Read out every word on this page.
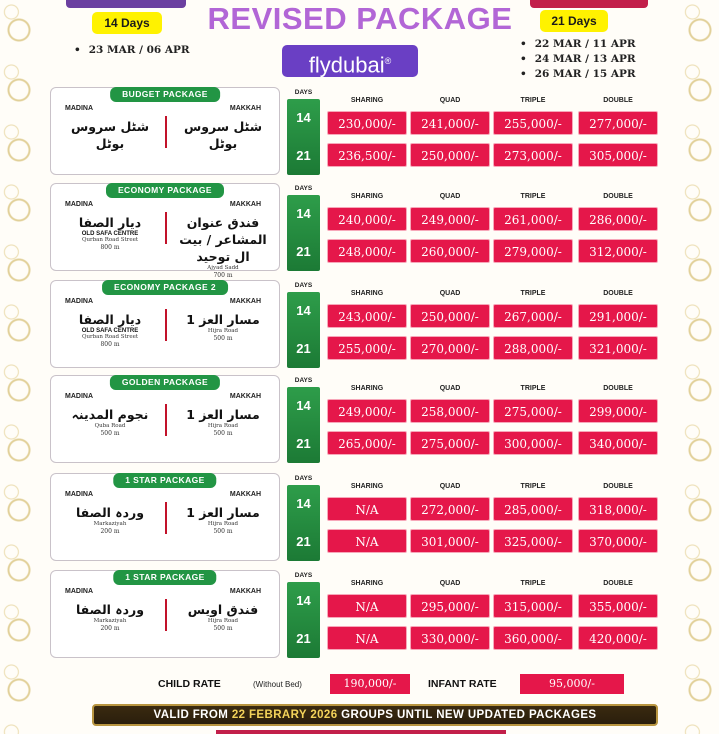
14 Days
• 23 MAR / 06 APR
REVISED PACKAGE
flydubai®
21 Days
• 22 MAR / 11 APR
• 24 MAR / 13 APR
• 26 MAR / 15 APR
BUDGET PACKAGE
MADINA	MAKKAH
شٹل سروس بوٹل
شٹل سروس بوٹل
DAYS
14
21
SHARING	QUAD	TRIPLE	DOUBLE
230,000/-	241,000/-	255,000/-	277,000/-
236,500/-	250,000/-	273,000/-	305,000/-
ECONOMY PACKAGE
MADINA	MAKKAH
دیار الصفا
OLD SAFA CENTRE
Qurban Road Street
800 m
فندق عنوان المشاعر / بیت ال توحید
Ajyad Sadd
700 m
DAYS
14
21
SHARING	QUAD	TRIPLE	DOUBLE
240,000/-	249,000/-	261,000/-	286,000/-
248,000/-	260,000/-	279,000/-	312,000/-
ECONOMY PACKAGE 2
MADINA	MAKKAH
دیار الصفا
OLD SAFA CENTRE
Qurban Road Street
800 m
مسار العز 1
Hijra Road
500 m
DAYS
14
21
SHARING	QUAD	TRIPLE	DOUBLE
243,000/-	250,000/-	267,000/-	291,000/-
255,000/-	270,000/-	288,000/-	321,000/-
GOLDEN PACKAGE
MADINA	MAKKAH
نجوم المدینہ
Quba Road
500 m
مسار العز 1
Hijra Road
500 m
DAYS
14
21
SHARING	QUAD	TRIPLE	DOUBLE
249,000/-	258,000/-	275,000/-	299,000/-
265,000/-	275,000/-	300,000/-	340,000/-
1 STAR PACKAGE
MADINA	MAKKAH
وردہ الصفا
Markaziyah
200 m
مسار العز 1
Hijra Road
500 m
DAYS
14
21
SHARING	QUAD	TRIPLE	DOUBLE
N/A	272,000/-	285,000/-	318,000/-
N/A	301,000/-	325,000/-	370,000/-
1 STAR PACKAGE
MADINA	MAKKAH
وردہ الصفا
Markaziyah
200 m
فندق اویس
Hijra Road
500 m
DAYS
14
21
SHARING	QUAD	TRIPLE	DOUBLE
N/A	295,000/-	315,000/-	355,000/-
N/A	330,000/-	360,000/-	420,000/-
CHILD RATE	(Without Bed)	190,000/-	INFANT RATE	95,000/-
VALID FROM 22 FEBRARY 2026 GROUPS UNTIL NEW UPDATED PACKAGES
